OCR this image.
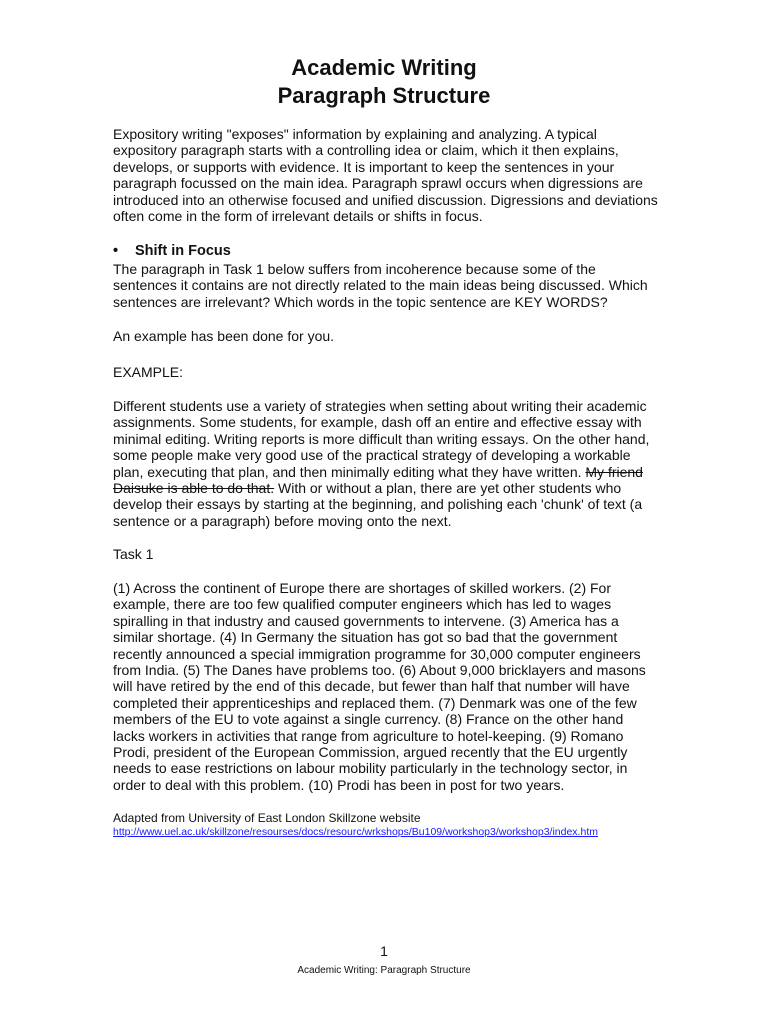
Academic Writing
Paragraph Structure

Expository writing "exposes" information by explaining and analyzing. A typical expository paragraph starts with a controlling idea or claim, which it then explains, develops, or supports with evidence. It is important to keep the sentences in your paragraph focussed on the main idea. Paragraph sprawl occurs when digressions are introduced into an otherwise focused and unified discussion. Digressions and deviations often come in the form of irrelevant details or shifts in focus.

• Shift in Focus

The paragraph in Task 1 below suffers from incoherence because some of the sentences it contains are not directly related to the main ideas being discussed. Which sentences are irrelevant? Which words in the topic sentence are KEY WORDS?

An example has been done for you.

EXAMPLE:

Different students use a variety of strategies when setting about writing their academic assignments. Some students, for example, dash off an entire and effective essay with minimal editing. Writing reports is more difficult than writing essays. On the other hand, some people make very good use of the practical strategy of developing a workable plan, executing that plan, and then minimally editing what they have written. My friend Daisuke is able to do that. With or without a plan, there are yet other students who develop their essays by starting at the beginning, and polishing each 'chunk' of text (a sentence or a paragraph) before moving onto the next.

Task 1

(1) Across the continent of Europe there are shortages of skilled workers. (2) For example, there are too few qualified computer engineers which has led to wages spiralling in that industry and caused governments to intervene. (3) America has a similar shortage. (4) In Germany the situation has got so bad that the government recently announced a special immigration programme for 30,000 computer engineers from India. (5) The Danes have problems too. (6) About 9,000 bricklayers and masons will have retired by the end of this decade, but fewer than half that number will have completed their apprenticeships and replaced them. (7) Denmark was one of the few members of the EU to vote against a single currency. (8) France on the other hand lacks workers in activities that range from agriculture to hotel-keeping. (9) Romano Prodi, president of the European Commission, argued recently that the EU urgently needs to ease restrictions on labour mobility particularly in the technology sector, in order to deal with this problem. (10) Prodi has been in post for two years.

Adapted from University of East London Skillzone website

http://www.uel.ac.uk/skillzone/resourses/docs/resourc/wrkshops/Bu109/workshop3/workshop3/index.htm
1
Academic Writing: Paragraph Structure
